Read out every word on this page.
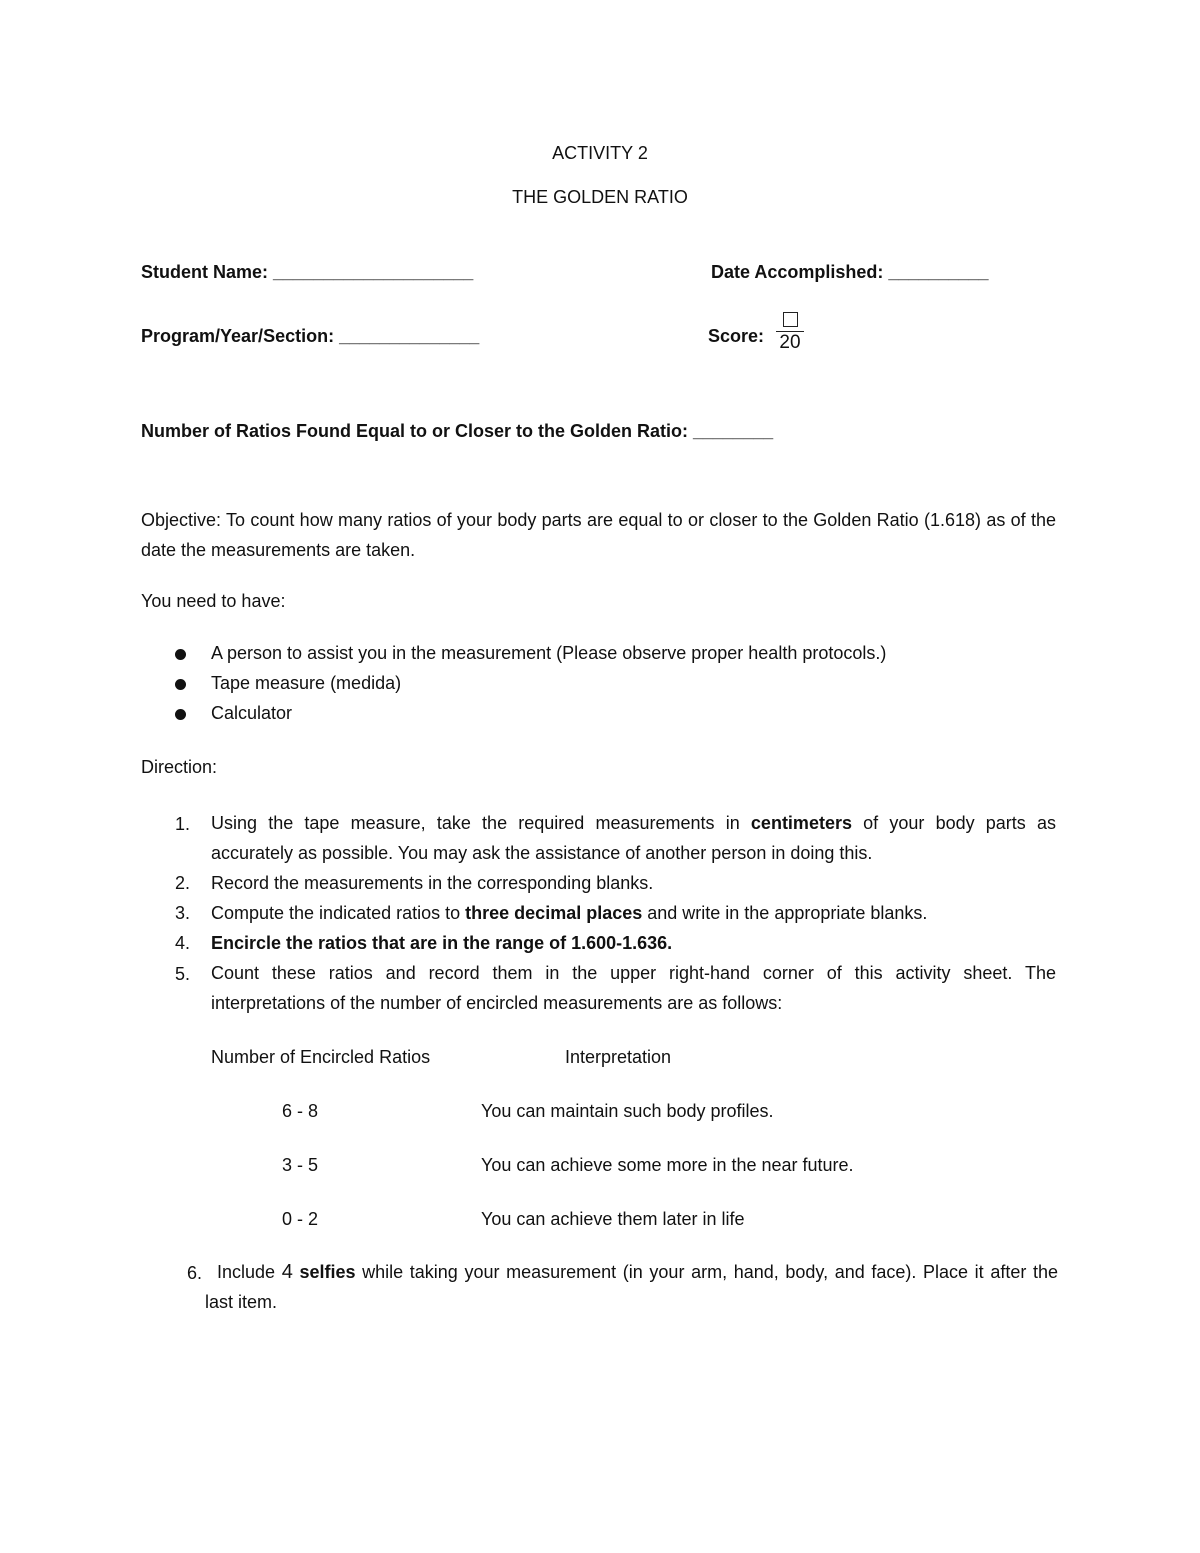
ACTIVITY 2
THE GOLDEN RATIO
Student Name: ____________________	Date Accomplished: __________
Program/Year/Section: ______________	Score: 20
Number of Ratios Found Equal to or Closer to the Golden Ratio: ________
Objective: To count how many ratios of your body parts are equal to or closer to the Golden Ratio (1.618) as of the date the measurements are taken.
You need to have:
A person to assist you in the measurement (Please observe proper health protocols.)
Tape measure (medida)
Calculator
Direction:
1. Using the tape measure, take the required measurements in centimeters of your body parts as accurately as possible. You may ask the assistance of another person in doing this.
2. Record the measurements in the corresponding blanks.
3. Compute the indicated ratios to three decimal places and write in the appropriate blanks.
4. Encircle the ratios that are in the range of 1.600-1.636.
5. Count these ratios and record them in the upper right-hand corner of this activity sheet. The interpretations of the number of encircled measurements are as follows:
Number of Encircled Ratios	Interpretation
6 - 8	You can maintain such body profiles.
3 - 5	You can achieve some more in the near future.
0 - 2	You can achieve them later in life
6. Include 4 selfies while taking your measurement (in your arm, hand, body, and face). Place it after the last item.
